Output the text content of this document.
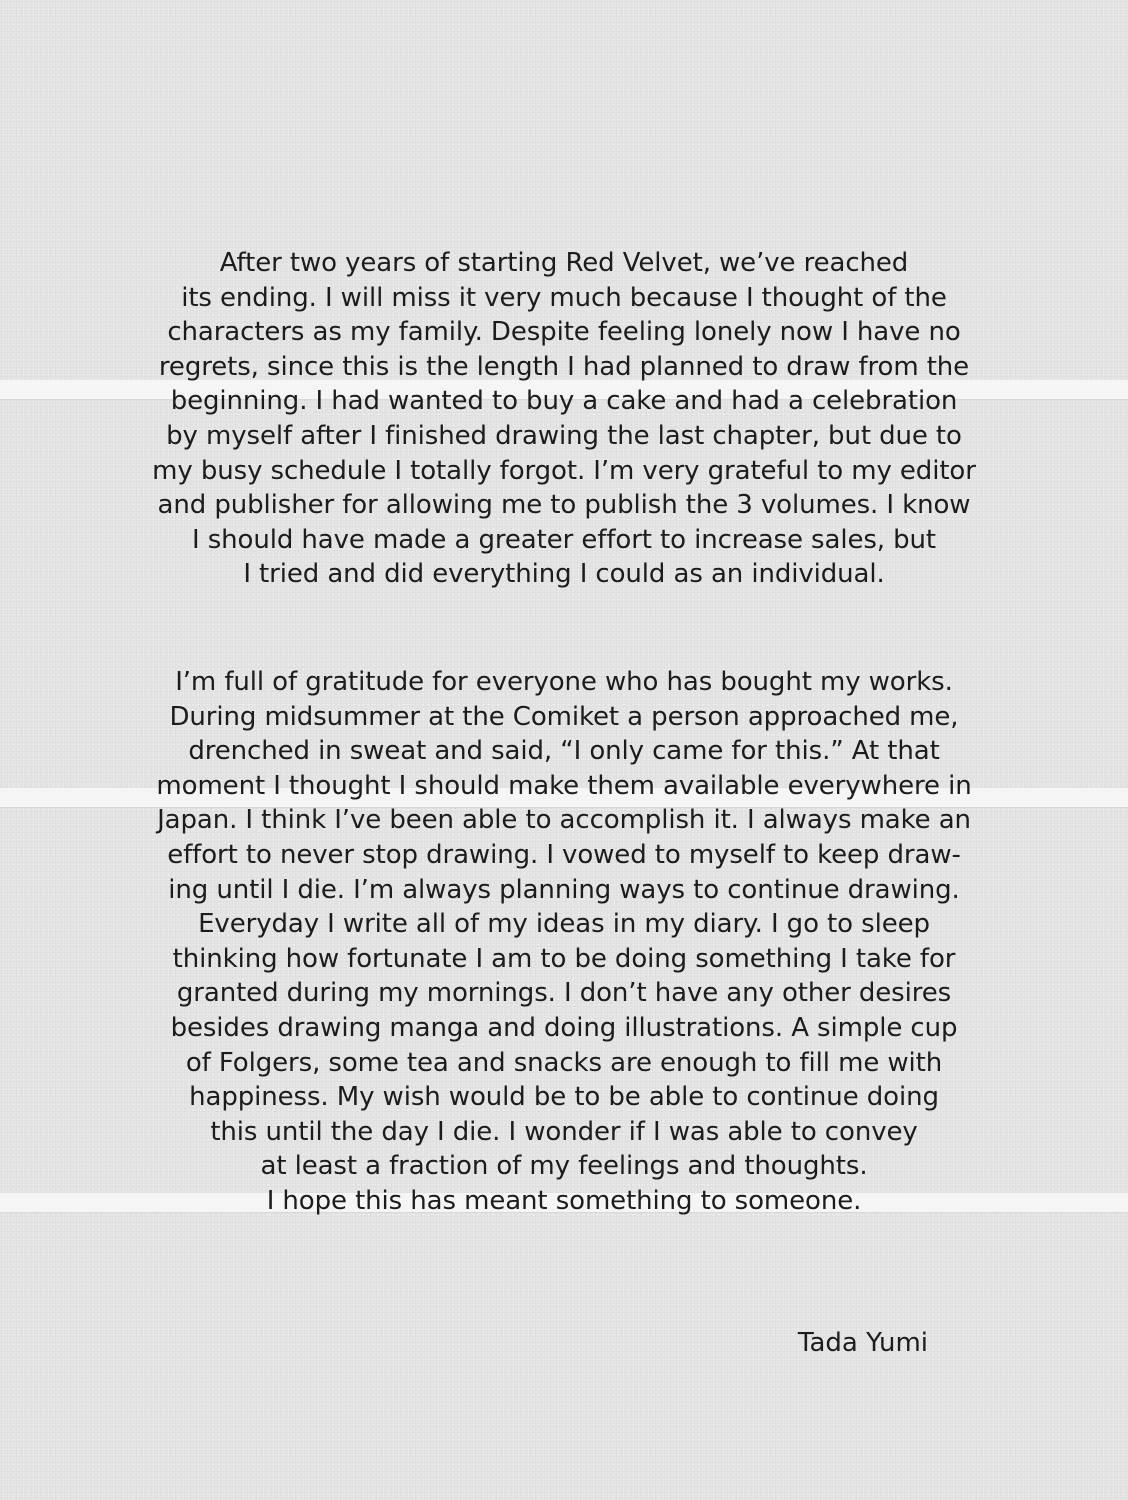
After two years of starting Red Velvet, we’ve reached
its ending. I will miss it very much because I thought of the
characters as my family. Despite feeling lonely now I have no
regrets, since this is the length I had planned to draw from the
beginning. I had wanted to buy a cake and had a celebration
by myself after I finished drawing the last chapter, but due to
my busy schedule I totally forgot. I’m very grateful to my editor
and publisher for allowing me to publish the 3 volumes. I know
I should have made a greater effort to increase sales, but
I tried and did everything I could as an individual.

I’m full of gratitude for everyone who has bought my works.
During midsummer at the Comiket a person approached me,
drenched in sweat and said, “I only came for this.” At that
moment I thought I should make them available everywhere in
Japan. I think I’ve been able to accomplish it. I always make an
effort to never stop drawing. I vowed to myself to keep draw-
ing until I die. I’m always planning ways to continue drawing.
Everyday I write all of my ideas in my diary. I go to sleep
thinking how fortunate I am to be doing something I take for
granted during my mornings. I don’t have any other desires
besides drawing manga and doing illustrations. A simple cup
of Folgers, some tea and snacks are enough to fill me with
happiness. My wish would be to be able to continue doing
this until the day I die. I wonder if I was able to convey
at least a fraction of my feelings and thoughts.
I hope this has meant something to someone.

Tada Yumi
